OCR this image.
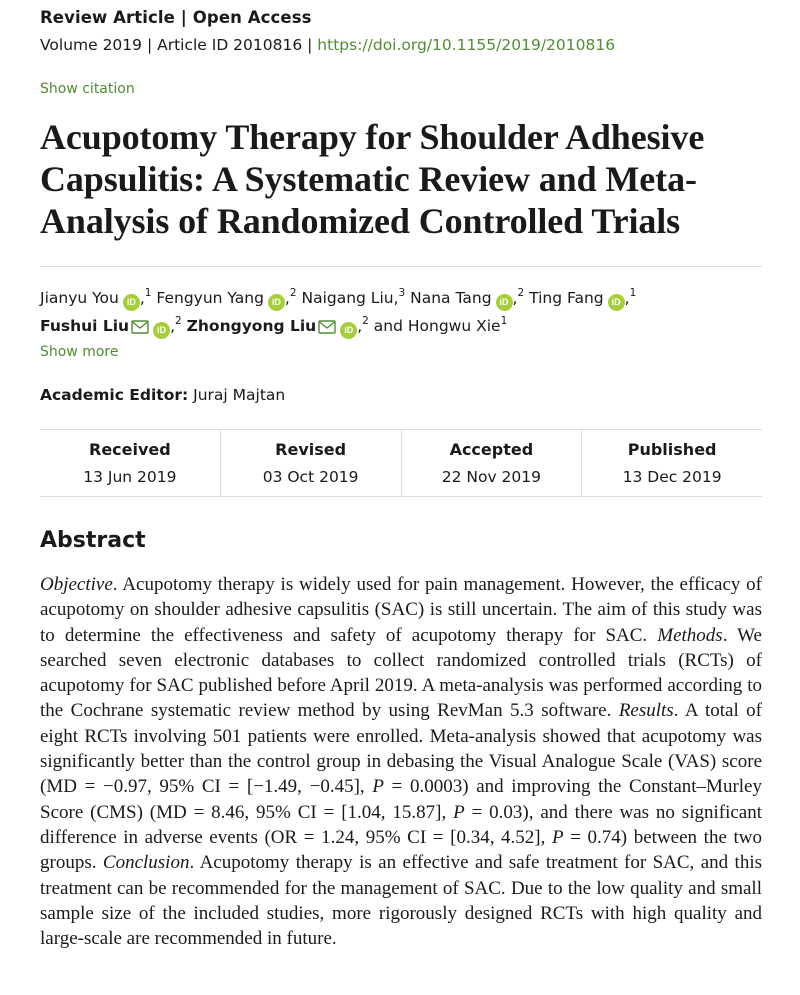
Review Article | Open Access
Volume 2019 | Article ID 2010816 | https://doi.org/10.1155/2019/2010816
Show citation
Acupotomy Therapy for Shoulder Adhesive Capsulitis: A Systematic Review and Meta-Analysis of Randomized Controlled Trials
Jianyu You iD ,$^1$ Fengyun Yang iD ,$^2$ Naigang Liu,$^3$ Nana Tang iD ,$^2$ Ting Fang iD ,$^1$ Fushui Liu	iD ,$^2$ Zhongyong Liu	iD ,$^2$ and Hongwu Xie$^1$
Show more
Academic Editor: Juraj Majtan
Received
13 Jun 2019
Revised
03 Oct 2019
Accepted
22 Nov 2019
Published
13 Dec 2019
Abstract

Objective. Acupotomy therapy is widely used for pain management. However, the efficacy of acupotomy on shoulder adhesive capsulitis (SAC) is still uncertain. The aim of this study was to determine the effectiveness and safety of acupotomy therapy for SAC. Methods. We searched seven electronic databases to collect randomized controlled trials (RCTs) of acupotomy for SAC published before April 2019. A meta-analysis was performed according to the Cochrane systematic review method by using RevMan 5.3 software. Results. A total of eight RCTs involving 501 patients were enrolled. Meta-analysis showed that acupotomy was significantly better than the control group in debasing the Visual Analogue Scale (VAS) score (MD = −0.97, 95% CI = [−1.49, −0.45], P = 0.0003) and improving the Constant–Murley Score (CMS) (MD = 8.46, 95% CI = [1.04, 15.87], P = 0.03), and there was no significant difference in adverse events (OR = 1.24, 95% CI = [0.34, 4.52], P = 0.74) between the two groups. Conclusion. Acupotomy therapy is an effective and safe treatment for SAC, and this treatment can be recommended for the management of SAC. Due to the low quality and small sample size of the included studies, more rigorously designed RCTs with high quality and large-scale are recommended in future.
